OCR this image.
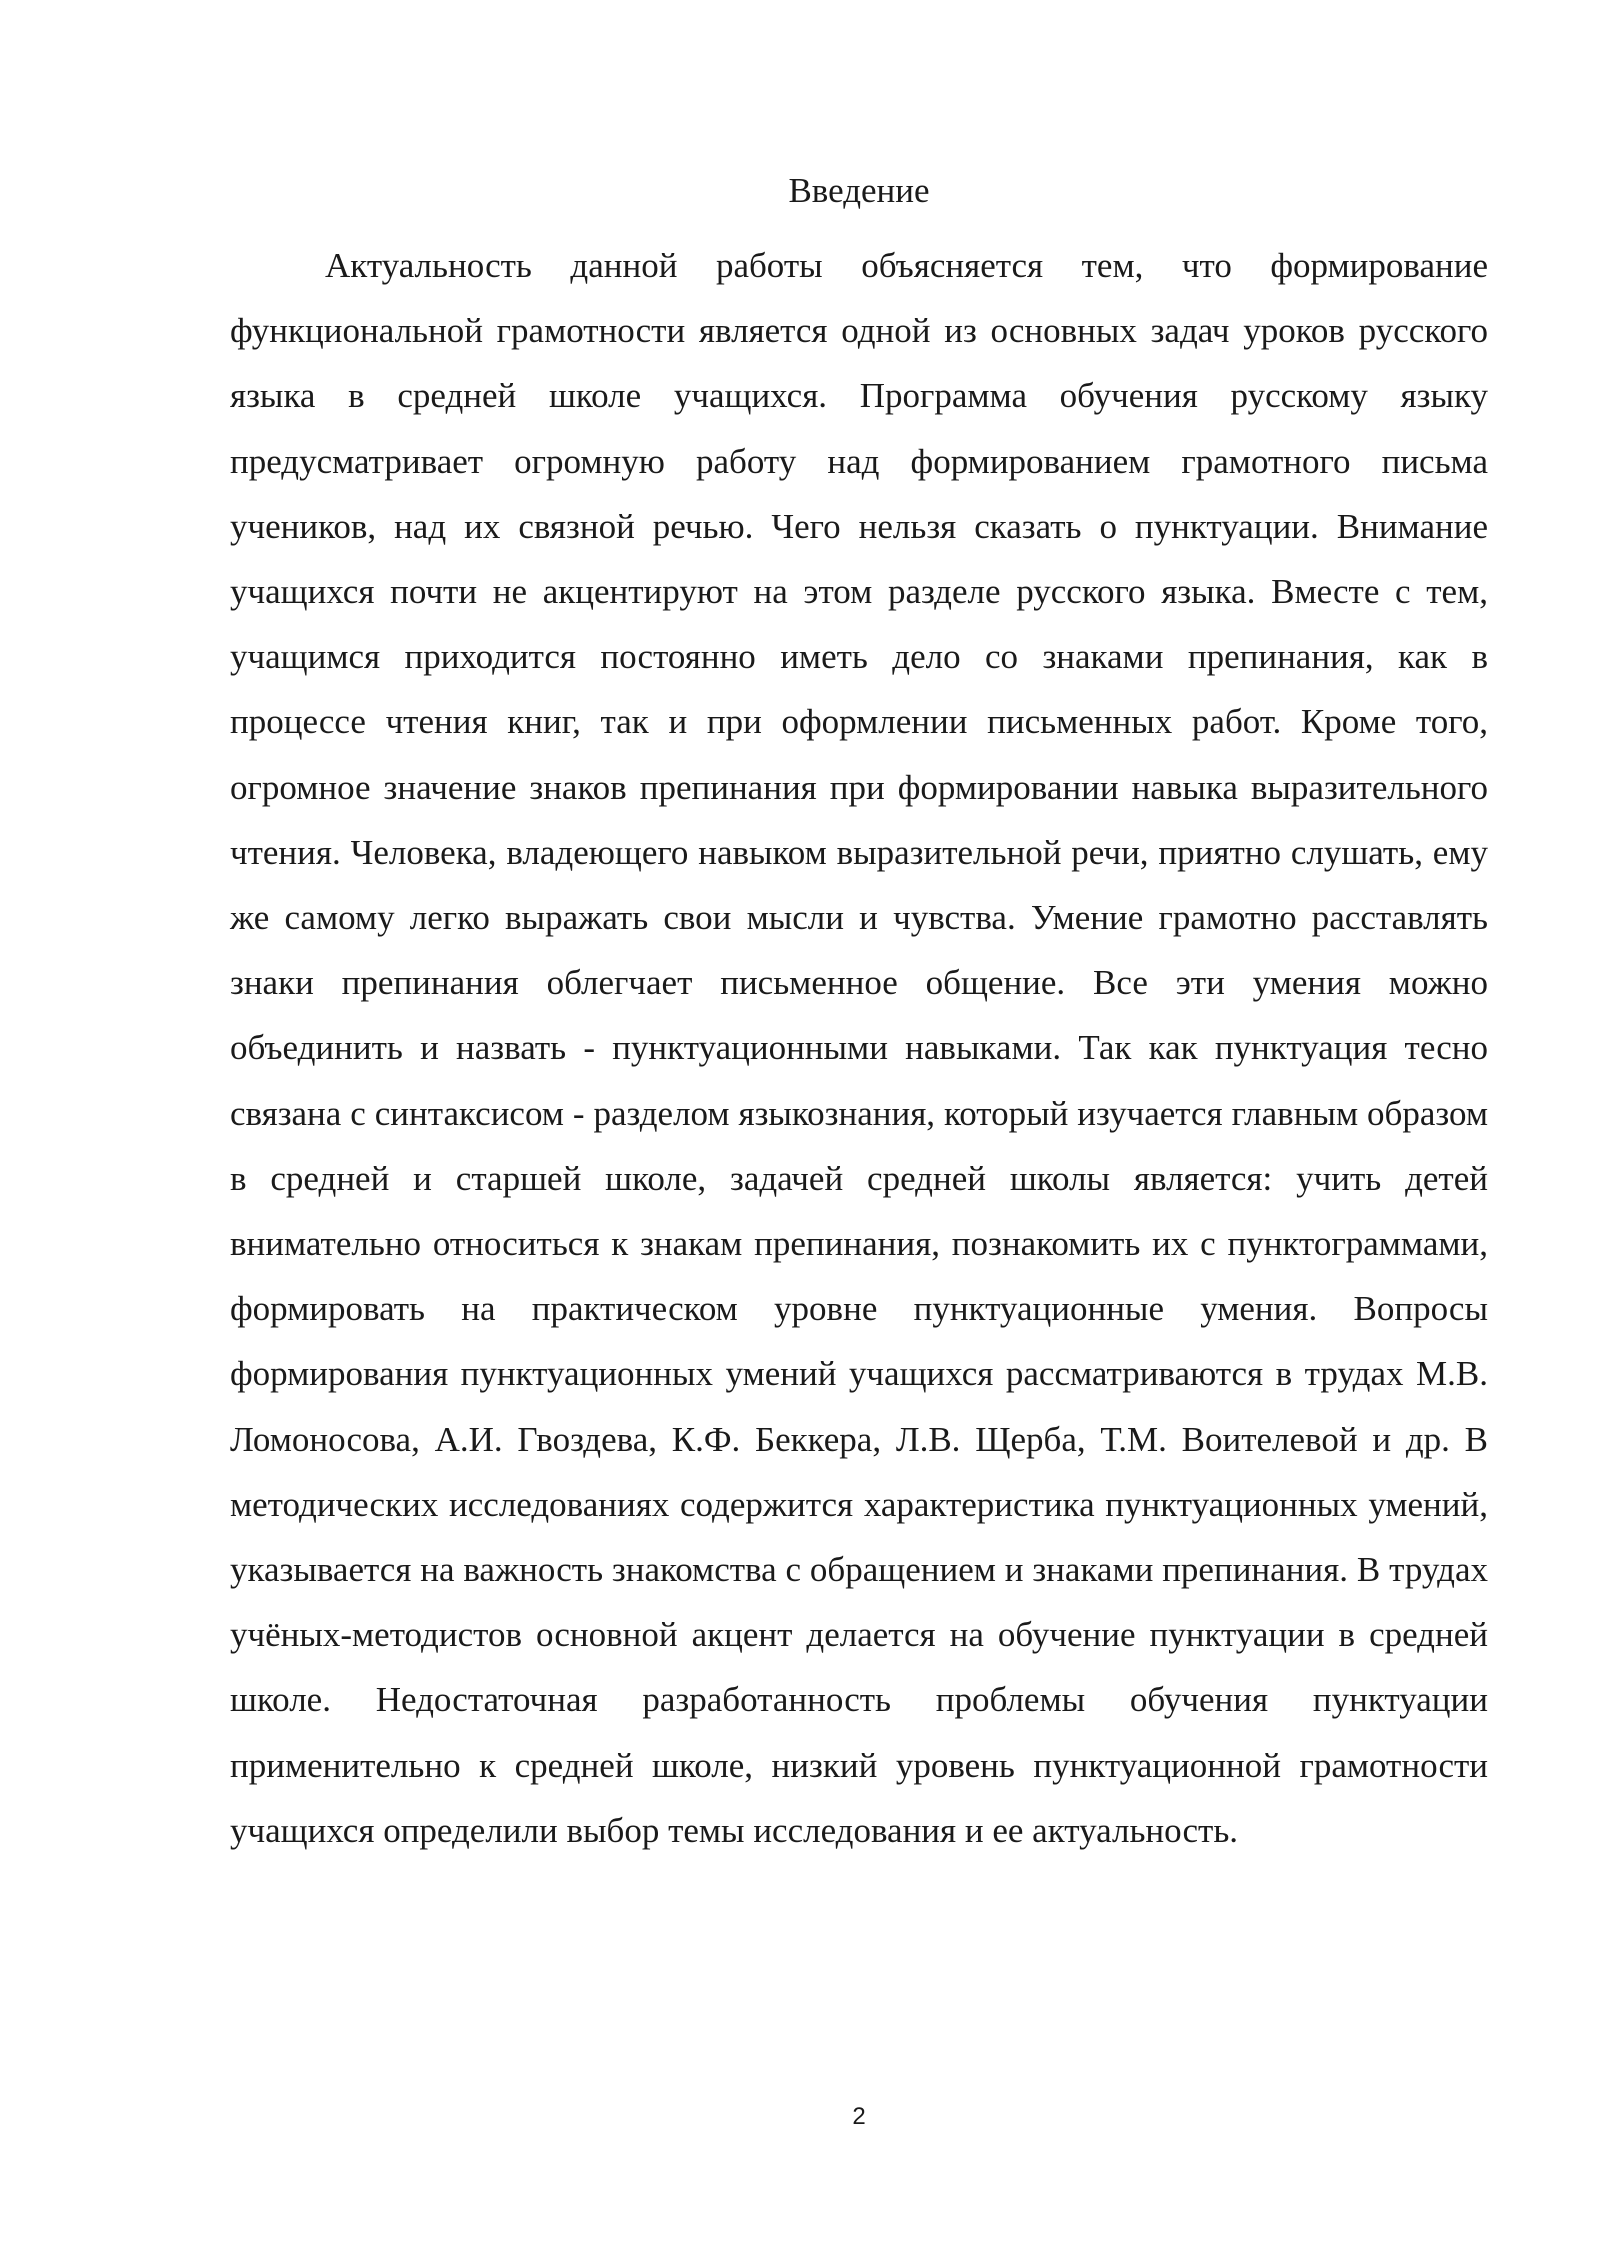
Введение

Актуальность данной работы объясняется тем, что формирование функциональной грамотности является одной из основных задач уроков русского языка в средней школе учащихся. Программа обучения русскому языку предусматривает огромную работу над формированием грамотного письма учеников, над их связной речью. Чего нельзя сказать о пунктуации. Внимание учащихся почти не акцентируют на этом разделе русского языка. Вместе с тем, учащимся приходится постоянно иметь дело со знаками препинания, как в процессе чтения книг, так и при оформлении письменных работ. Кроме того, огромное значение знаков препинания при формировании навыка выразительного чтения. Человека, владеющего навыком выразительной речи, приятно слушать, ему же самому легко выражать свои мысли и чувства. Умение грамотно расставлять знаки препинания облегчает письменное общение. Все эти умения можно объединить и назвать - пунктуационными навыками. Так как пунктуация тесно связана с синтаксисом - разделом языкознания, который изучается главным образом в средней и старшей школе, задачей средней школы является: учить детей внимательно относиться к знакам препинания, познакомить их с пунктограммами, формировать на практическом уровне пунктуационные умения. Вопросы формирования пунктуационных умений учащихся рассматриваются в трудах М.В. Ломоносова, А.И. Гвоздева, К.Ф. Беккера, Л.В. Щерба, Т.М. Воителевой и др. В методических исследованиях содержится характеристика пунктуационных умений, указывается на важность знакомства с обращением и знаками препинания. В трудах учёных-методистов основной акцент делается на обучение пунктуации в средней школе. Недостаточная разработанность проблемы обучения пунктуации применительно к средней школе, низкий уровень пунктуационной грамотности учащихся определили выбор темы исследования и ее актуальность.

2
